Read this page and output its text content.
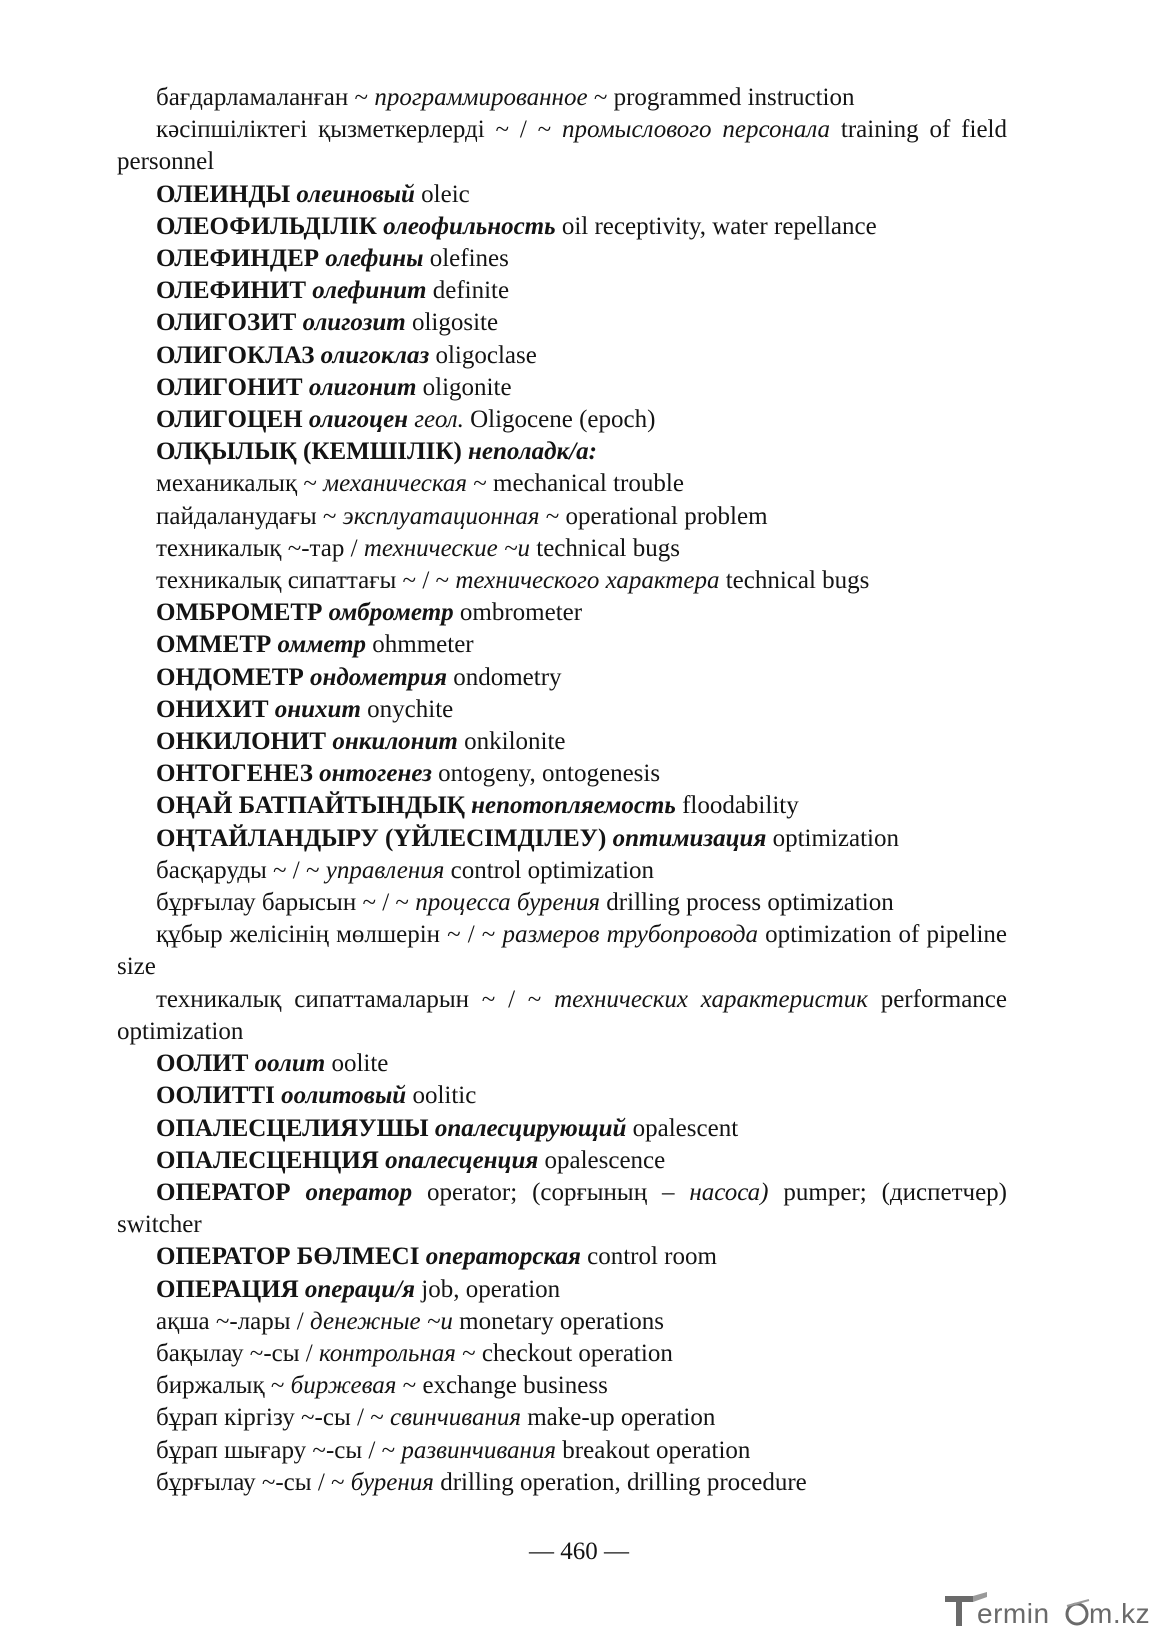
бағдарламаланған ~ программированное ~ programmed instruction

кәсіпшіліктегі қызметкерлерді ~ / ~ промыслового персонала training of field personnel

ОЛЕИНДЫ олеиновый oleic

ОЛЕОФИЛЬДІЛІК олеофильность oil receptivity, water repellance

ОЛЕФИНДЕР олефины olefines

ОЛЕФИНИТ олефинит definite

ОЛИГОЗИТ олигозит oligosite

ОЛИГОКЛАЗ олигоклаз oligoclase

ОЛИГОНИТ олигонит oligonite

ОЛИГОЦЕН олигоцен геол. Oligocene (epoch)

ОЛҚЫЛЫҚ (КЕМШІЛІК) неполадк/а:

механикалық ~ механическая ~ mechanical trouble

пайдаланудағы ~ эксплуатационная ~ operational problem

техникалық ~-тар / технические ~и technical bugs

техникалық сипаттағы ~ / ~ технического характера technical bugs

ОМБРОМЕТР омброметр ombrometer

ОММЕТР омметр ohmmeter

ОНДОМЕТР ондометрия ondometry

ОНИХИТ онихит onychite

ОНКИЛОНИТ онкилонит onkilonite

ОНТОГЕНЕЗ онтогенез ontogeny, ontogenesis

ОҢАЙ БАТПАЙТЫНДЫҚ непотопляемость floodability

ОҢТАЙЛАНДЫРУ (ҮЙЛЕСІМДІЛЕУ) оптимизация optimization

басқаруды ~ / ~ управления control optimization

бұрғылау барысын ~ / ~ процесса бурения drilling process optimization

құбыр желісінің мөлшерін ~ / ~ размеров трубопровода optimization of pipeline size

техникалық сипаттамаларын ~ / ~ технических характеристик performance optimization

ООЛИТ оолит oolite

ООЛИТТІ оолитовый oolitic

ОПАЛЕСЦЕЛИЯУШЫ опалесцирующий opalescent

ОПАЛЕСЦЕНЦИЯ опалесценция opalescence

ОПЕРАТОР оператор operator; (сорғының – насоса) pumper; (диспетчер) switcher

ОПЕРАТОР БӨЛМЕСІ операторская control room

ОПЕРАЦИЯ операци/я job, operation

ақша ~-лары / денежные ~и monetary operations

бақылау ~-сы / контрольная ~ checkout operation

биржалық ~ биржевая ~ exchange business

бұрап кіргізу ~-сы / ~ свинчивания make-up operation

бұрап шығару ~-сы / ~ развинчивания breakout operation

бұрғылау ~-сы / ~ бурения drilling operation, drilling procedure

— 460 —
ermin m.kz
